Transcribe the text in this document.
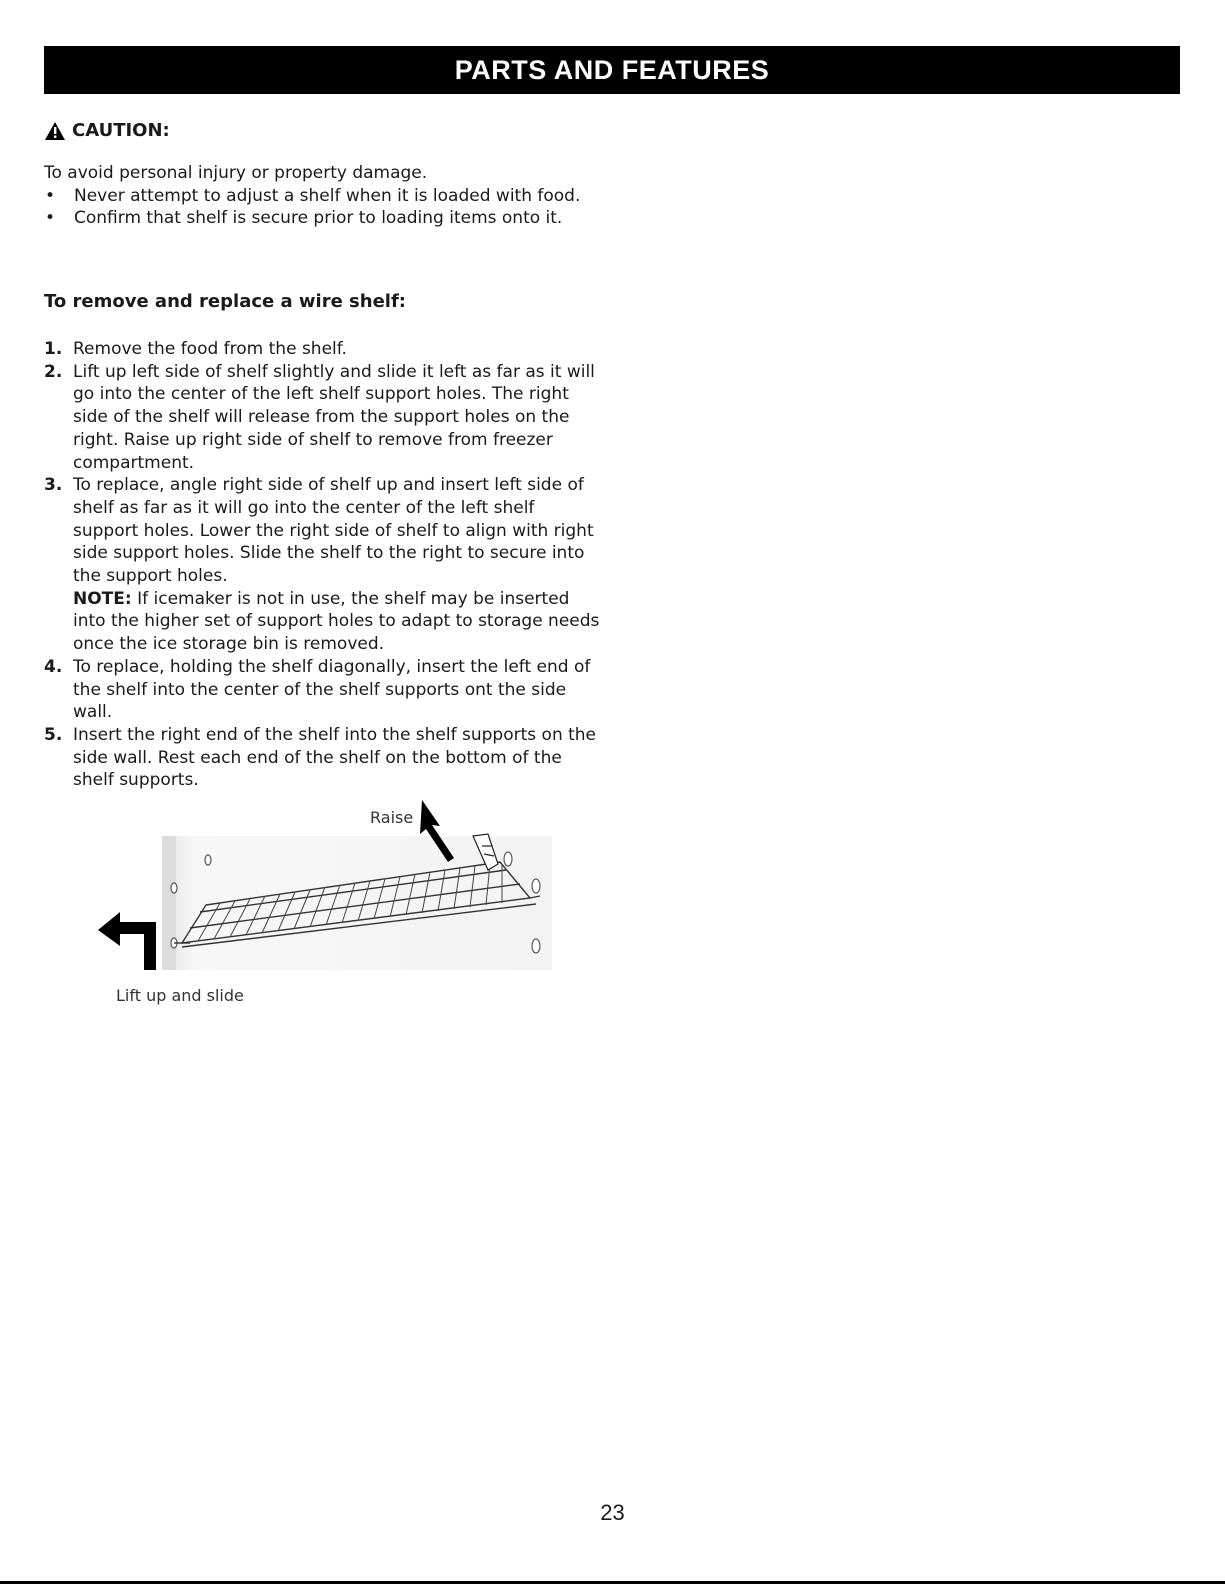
PARTS AND FEATURES
CAUTION:
To avoid personal injury or property damage.
•	Never attempt to adjust a shelf when it is loaded with food.
•	Confirm that shelf is secure prior to loading items onto it.
To remove and replace a wire shelf:
1. Remove the food from the shelf.
2. Lift up left side of shelf slightly and slide it left as far as it will go into the center of the left shelf support holes. The right side of the shelf will release from the support holes on the right. Raise up right side of shelf to remove from freezer compartment.
3. To replace, angle right side of shelf up and insert left side of shelf as far as it will go into the center of the left shelf support holes. Lower the right side of shelf to align with right side support holes. Slide the shelf to the right to secure into the support holes.
NOTE: If icemaker is not in use, the shelf may be inserted into the higher set of support holes to adapt to storage needs once the ice storage bin is removed.
4. To replace, holding the shelf diagonally, insert the left end of the shelf into the center of the shelf supports ont the side wall.
5. Insert the right end of the shelf into the shelf supports on the side wall. Rest each end of the shelf on the bottom of the shelf supports.
Raise
Lift up and slide
23
